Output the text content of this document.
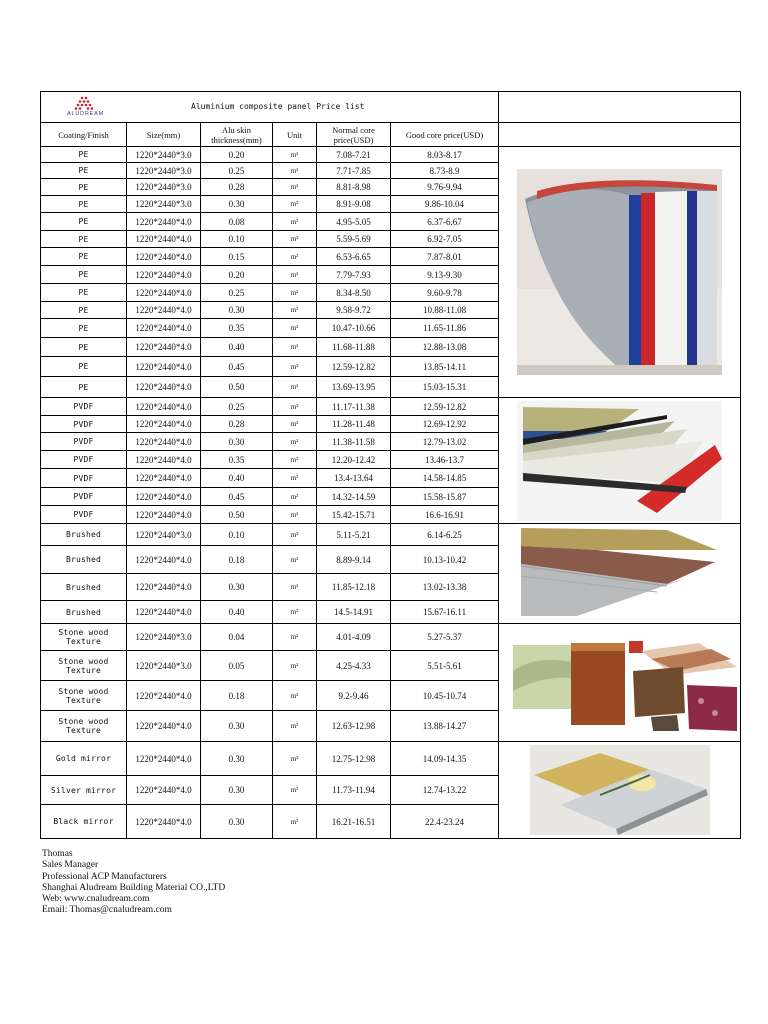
ALUDREAM
Aluminium composite panel Price list						

Coating/Finish	Size(mm)	Alu skin thickness(mm)	Unit	Normal core price(USD)	Good core price(USD)	
PE	1220*2440*3.0	0.20	m²	7.08-7.21	8.03-8.17	

PE	1220*2440*3.0	0.25	m²	7.71-7.85	8.73-8.9	
PE	1220*2440*3.0	0.28	m²	8.81-8.98	9.76-9.94	
PE	1220*2440*3.0	0.30	m²	8.91-9.08	9.86-10.04	
PE	1220*2440*4.0	0.08	m²	4.95-5.05	6.37-6.67	
PE	1220*2440*4.0	0.10	m²	5.59-5.69	6.92-7.05	
PE	1220*2440*4.0	0.15	m²	6.53-6.65	7.87-8.01	
PE	1220*2440*4.0	0.20	m²	7.79-7.93	9.13-9.30	
PE	1220*2440*4.0	0.25	m²	8.34-8.50	9.60-9.78	
PE	1220*2440*4.0	0.30	m²	9.58-9.72	10.88-11.08	
PE	1220*2440*4.0	0.35	m²	10.47-10.66	11.65-11.86	
PE	1220*2440*4.0	0.40	m²	11.68-11.88	12.88-13.08	
PE	1220*2440*4.0	0.45	m²	12.59-12.82	13.85-14.11	
PE	1220*2440*4.0	0.50	m²	13.69-13.95	15.03-15.31	
PVDF	1220*2440*4.0	0.25	m²	11.17-11.38	12.59-12.82	

PVDF	1220*2440*4.0	0.28	m²	11.28-11.48	12.69-12.92	
PVDF	1220*2440*4.0	0.30	m²	11.38-11.58	12.79-13.02	
PVDF	1220*2440*4.0	0.35	m²	12.20-12.42	13.46-13.7	
PVDF	1220*2440*4.0	0.40	m²	13.4-13.64	14.58-14.85	
PVDF	1220*2440*4.0	0.45	m²	14.32-14.59	15.58-15.87	
PVDF	1220*2440*4.0	0.50	m²	15.42-15.71	16.6-16.91	
Brushed	1220*2440*3.0	0.10	m²	5.11-5.21	6.14-6.25	

Brushed	1220*2440*4.0	0.18	m²	8.89-9.14	10.13-10.42	
Brushed	1220*2440*4.0	0.30	m²	11.85-12.18	13.02-13.38	
Brushed	1220*2440*4.0	0.40	m²	14.5-14.91	15.67-16.11	
Stone wood Texture	1220*2440*3.0	0.04	m²	4.01-4.09	5.27-5.37	

Stone wood Texture	1220*2440*3.0	0.05	m²	4.25-4.33	5.51-5.61	
Stone wood Texture	1220*2440*4.0	0.18	m²	9.2-9.46	10.45-10.74	
Stone wood Texture	1220*2440*4.0	0.30	m²	12.63-12.98	13.88-14.27	
Gold mirror	1220*2440*4.0	0.30	m²	12.75-12.98	14.09-14.35	

Silver mirror	1220*2440*4.0	0.30	m²	11.73-11.94	12.74-13.22	
Black mirror	1220*2440*4.0	0.30	m²	16.21-16.51	22.4-23.24	
Thomas
Sales Manager
Professional ACP Manufacturers
Shanghai Aludream Building Material CO.,LTD
Web: www.cnaludream.com
Email: Thomas@cnaludream.com
